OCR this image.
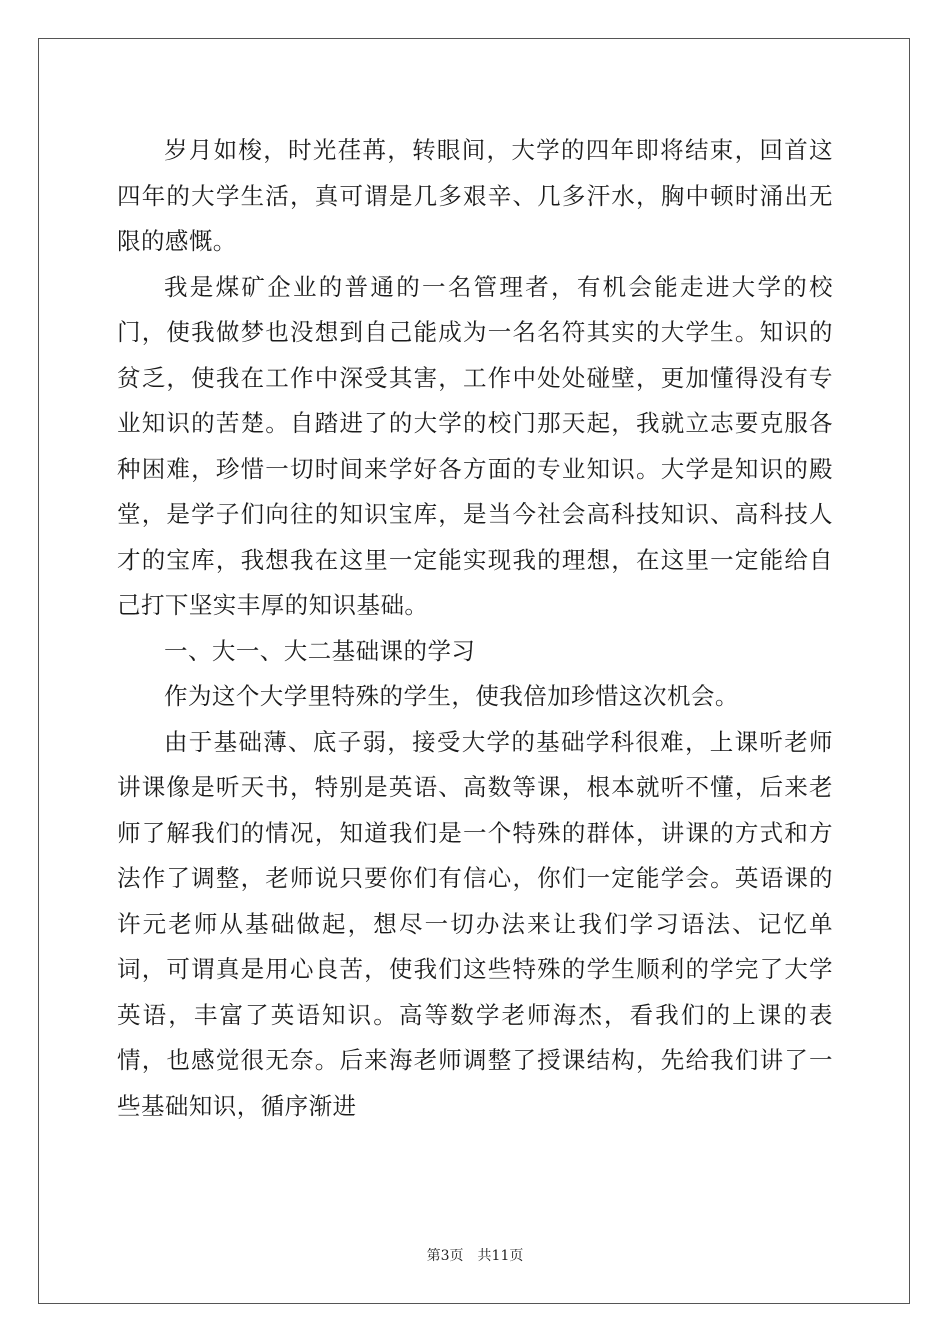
岁月如梭，时光荏苒，转眼间，大学的四年即将结束，回首这四年的大学生活，真可谓是几多艰辛、几多汗水，胸中顿时涌出无限的感慨。

我是煤矿企业的普通的一名管理者，有机会能走进大学的校门，使我做梦也没想到自己能成为一名名符其实的大学生。知识的贫乏，使我在工作中深受其害，工作中处处碰壁，更加懂得没有专业知识的苦楚。自踏进了的大学的校门那天起，我就立志要克服各种困难，珍惜一切时间来学好各方面的专业知识。大学是知识的殿堂，是学子们向往的知识宝库，是当今社会高科技知识、高科技人才的宝库，我想我在这里一定能实现我的理想，在这里一定能给自己打下坚实丰厚的知识基础。

一、大一、大二基础课的学习

作为这个大学里特殊的学生，使我倍加珍惜这次机会。

由于基础薄、底子弱，接受大学的基础学科很难，上课听老师讲课像是听天书，特别是英语、高数等课，根本就听不懂，后来老师了解我们的情况，知道我们是一个特殊的群体，讲课的方式和方法作了调整，老师说只要你们有信心，你们一定能学会。英语课的许元老师从基础做起，想尽一切办法来让我们学习语法、记忆单词，可谓真是用心良苦，使我们这些特殊的学生顺利的学完了大学英语，丰富了英语知识。高等数学老师海杰，看我们的上课的表情，也感觉很无奈。后来海老师调整了授课结构，先给我们讲了一些基础知识，循序渐进

第3页 共11页
